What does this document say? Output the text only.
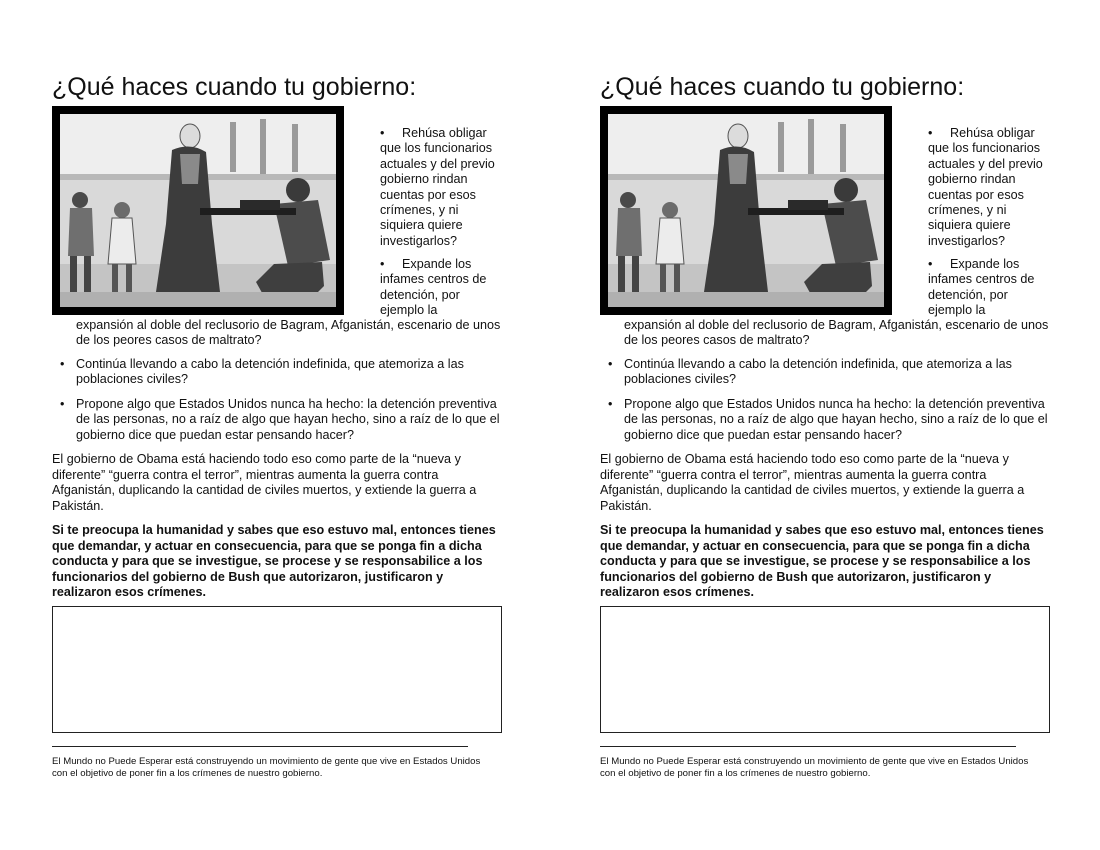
¿Qué haces cuando tu gobierno:
• Rehúsa obligar que los funcionarios actuales y del previo gobierno rindan cuentas por esos crímenes, y ni siquiera quiere investigarlos?
• Expande los infames centros de detención, por ejemplo la
expansión al doble del reclusorio de Bagram, Afganistán, escenario de unos de los peores casos de maltrato?
• Continúa llevando a cabo la detención indefinida, que atemoriza a las poblaciones civiles?
• Propone algo que Estados Unidos nunca ha hecho: la detención preventiva de las personas, no a raíz de algo que hayan hecho, sino a raíz de lo que el gobierno dice que puedan estar pensando hacer?
El gobierno de Obama está haciendo todo eso como parte de la “nueva y diferente” “guerra contra el terror”, mientras aumenta la guerra contra Afganistán, duplicando la cantidad de civiles muertos, y extiende la guerra a Pakistán.
Si te preocupa la humanidad y sabes que eso estuvo mal, entonces tienes que demandar, y actuar en consecuencia, para que se ponga fin a dicha conducta y para que se investigue, se procese y se responsabilice a los funcionarios del gobierno de Bush que autorizaron, justificaron y realizaron esos crímenes.
El Mundo no Puede Esperar está construyendo un movimiento de gente que vive en Estados Unidos con el objetivo de poner fin a los crímenes de nuestro gobierno.
¿Qué haces cuando tu gobierno:
• Rehúsa obligar que los funcionarios actuales y del previo gobierno rindan cuentas por esos crímenes, y ni siquiera quiere investigarlos?
• Expande los infames centros de detención, por ejemplo la
expansión al doble del reclusorio de Bagram, Afganistán, escenario de unos de los peores casos de maltrato?
• Continúa llevando a cabo la detención indefinida, que atemoriza a las poblaciones civiles?
• Propone algo que Estados Unidos nunca ha hecho: la detención preventiva de las personas, no a raíz de algo que hayan hecho, sino a raíz de lo que el gobierno dice que puedan estar pensando hacer?
El gobierno de Obama está haciendo todo eso como parte de la “nueva y diferente” “guerra contra el terror”, mientras aumenta la guerra contra Afganistán, duplicando la cantidad de civiles muertos, y extiende la guerra a Pakistán.
Si te preocupa la humanidad y sabes que eso estuvo mal, entonces tienes que demandar, y actuar en consecuencia, para que se ponga fin a dicha conducta y para que se investigue, se procese y se responsabilice a los funcionarios del gobierno de Bush que autorizaron, justificaron y realizaron esos crímenes.
El Mundo no Puede Esperar está construyendo un movimiento de gente que vive en Estados Unidos con el objetivo de poner fin a los crímenes de nuestro gobierno.
